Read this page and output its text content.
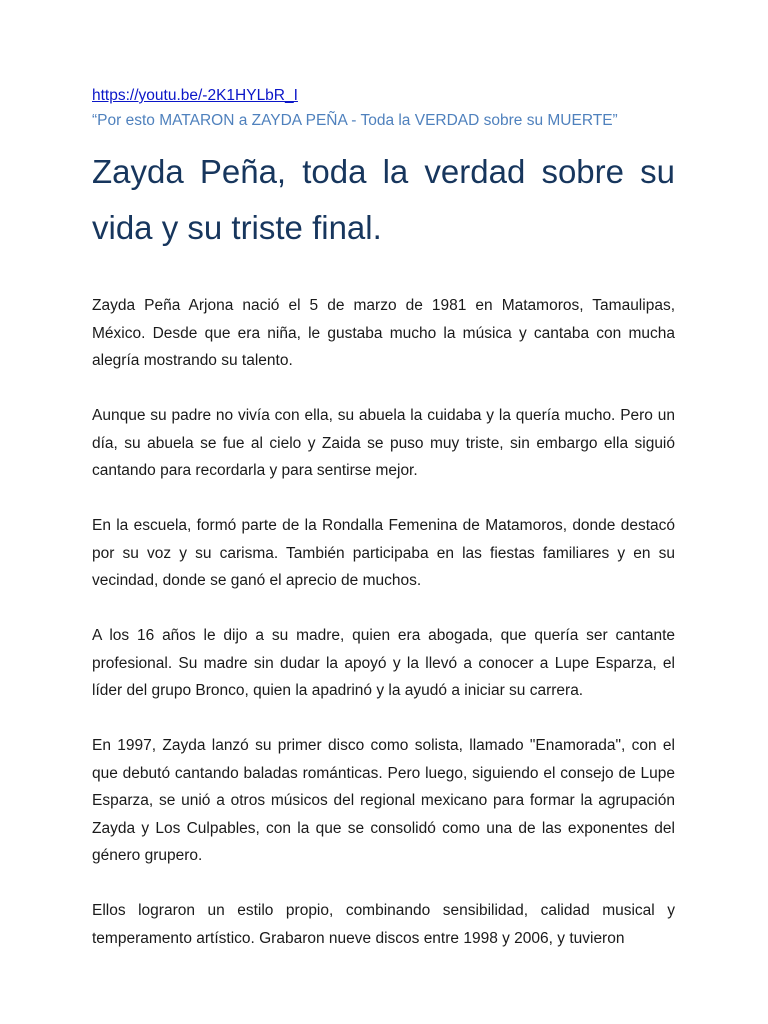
https://youtu.be/-2K1HYLbR_I
“Por esto MATARON a ZAYDA PEÑA - Toda la VERDAD sobre su MUERTE”
Zayda Peña, toda la verdad sobre su vida y su triste final.

Zayda Peña Arjona nació el 5 de marzo de 1981 en Matamoros, Tamaulipas, México. Desde que era niña, le gustaba mucho la música y cantaba con mucha alegría mostrando su talento.

Aunque su padre no vivía con ella, su abuela la cuidaba y la quería mucho. Pero un día, su abuela se fue al cielo y Zaida se puso muy triste, sin embargo ella siguió cantando para recordarla y para sentirse mejor.

En la escuela, formó parte de la Rondalla Femenina de Matamoros, donde destacó por su voz y su carisma. También participaba en las fiestas familiares y en su vecindad, donde se ganó el aprecio de muchos.

A los 16 años le dijo a su madre, quien era abogada, que quería ser cantante profesional. Su madre sin dudar la apoyó y la llevó a conocer a Lupe Esparza, el líder del grupo Bronco, quien la apadrinó y la ayudó a iniciar su carrera.

En 1997, Zayda lanzó su primer disco como solista, llamado "Enamorada", con el que debutó cantando baladas románticas. Pero luego, siguiendo el consejo de Lupe Esparza, se unió a otros músicos del regional mexicano para formar la agrupación Zayda y Los Culpables, con la que se consolidó como una de las exponentes del género grupero.

Ellos lograron un estilo propio, combinando sensibilidad, calidad musical y temperamento artístico. Grabaron nueve discos entre 1998 y 2006, y tuvieron
